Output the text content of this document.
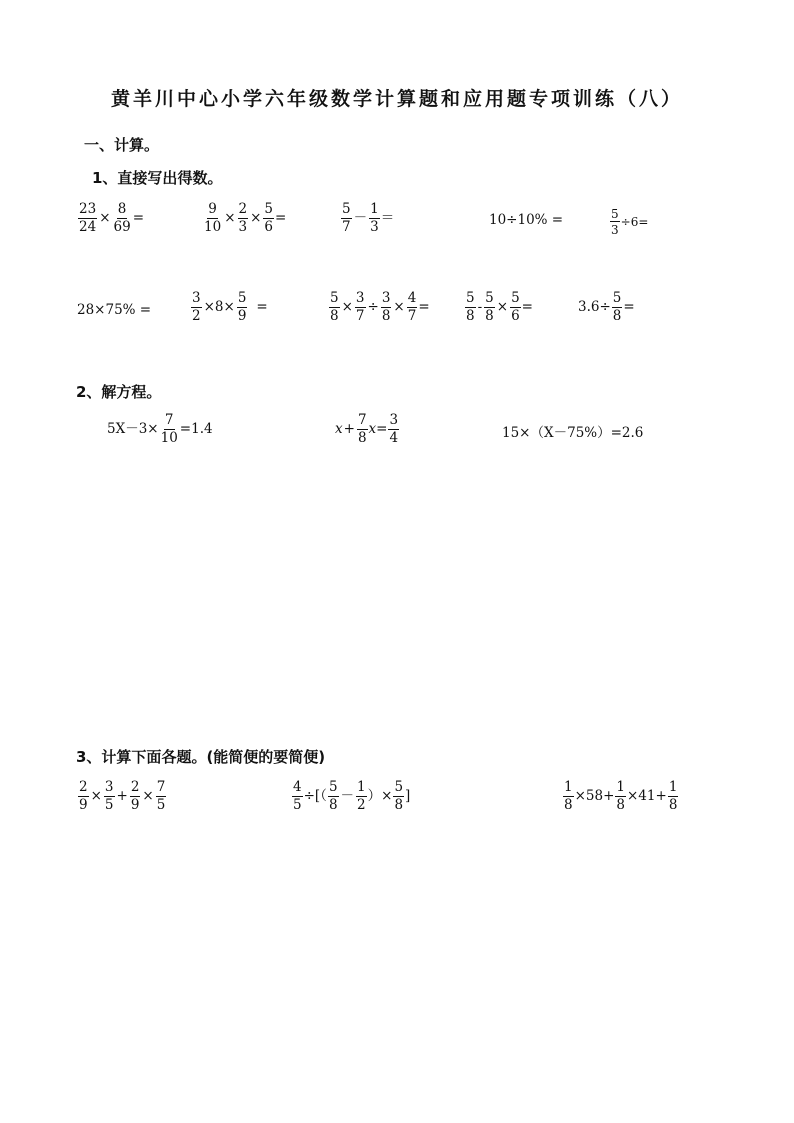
黄羊川中心小学六年级数学计算题和应用题专项训练（八）
一、计算。
1、直接写出得数。
$\frac{23}{24} \times \frac{8}{69}$ =	$\frac{9}{10} \times \frac{2}{3} \times \frac{5}{6}$ =	$\frac{5}{7} - \frac{1}{3}$ ＝	10÷10% =	$\frac{5}{3} \div 6=$
28×75% =	$\frac{3}{2} \times 8\times \frac{5}{9}$ =	$\frac{5}{8} \times \frac{3}{7} \div \frac{3}{8} \times \frac{4}{7}$ =	$\frac{5}{8} - \frac{5}{8} \times \frac{5}{6}$ =	$3.6\div \frac{5}{8}$ =
2、解方程。
$5X-3\times \frac{7}{10} =1.4$	$x + \frac{7}{8}$ $x = \frac{3}{4}$	15×（X－75%）=2.6
3、计算下面各题。(能简便的要简便)
$\frac{2}{9} \times \frac{3}{5} + \frac{2}{9} \times \frac{7}{5}$	$\frac{4}{5}$ ÷[（ $\frac{5}{8} - \frac{1}{2}$ ）× $\frac{5}{8}$ ]	$\frac{1}{8} \times 58+ \frac{1}{8} \times 41+ \frac{1}{8}$
